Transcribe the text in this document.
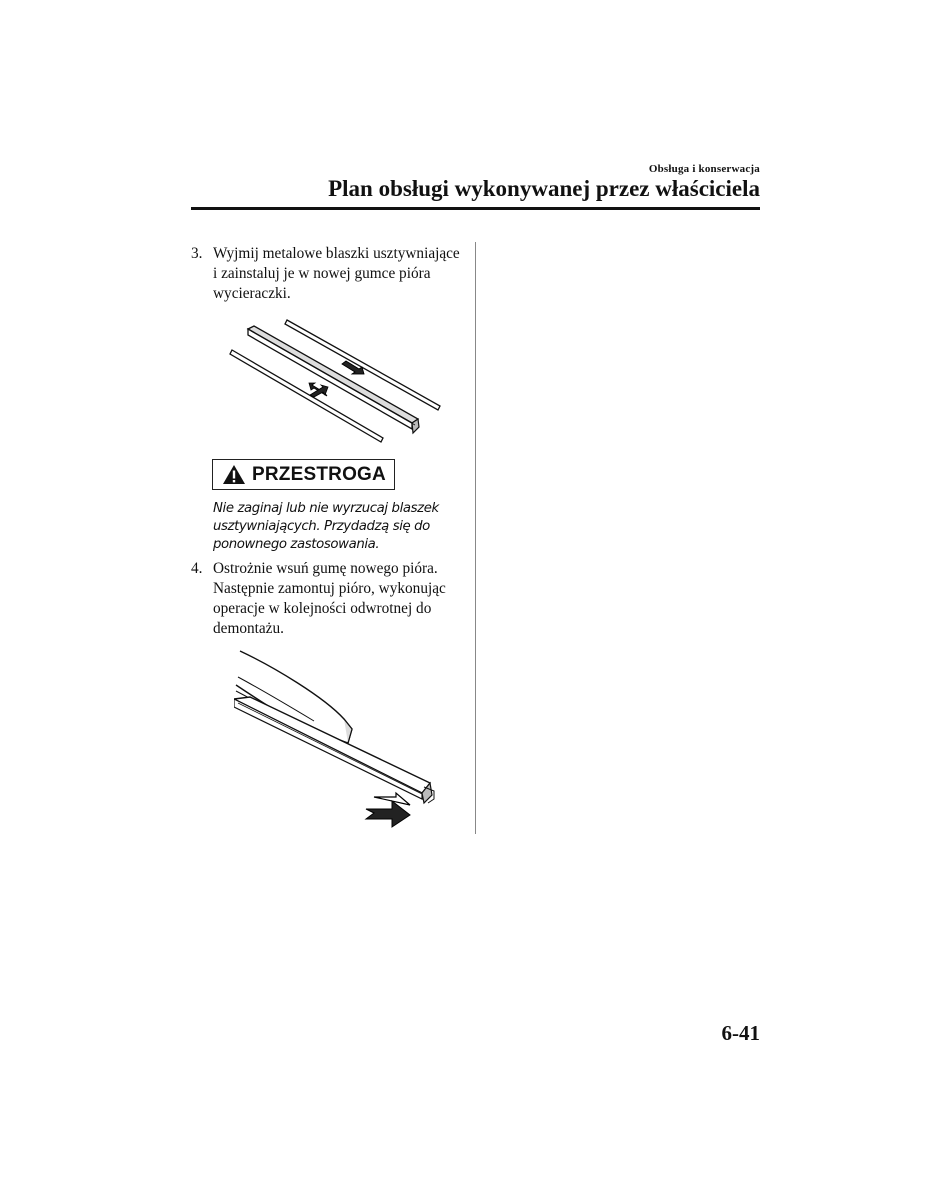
Obsługa i konserwacja
Plan obsługi wykonywanej przez właściciela
3. Wyjmij metalowe blaszki usztywniające i zainstaluj je w nowej gumce pióra wycieraczki.
PRZESTROGA
Nie zaginaj lub nie wyrzucaj blaszek usztywniających. Przydadzą się do ponownego zastosowania.
4. Ostrożnie wsuń gumę nowego pióra. Następnie zamontuj pióro, wykonując operacje w kolejności odwrotnej do demontażu.
6-41
